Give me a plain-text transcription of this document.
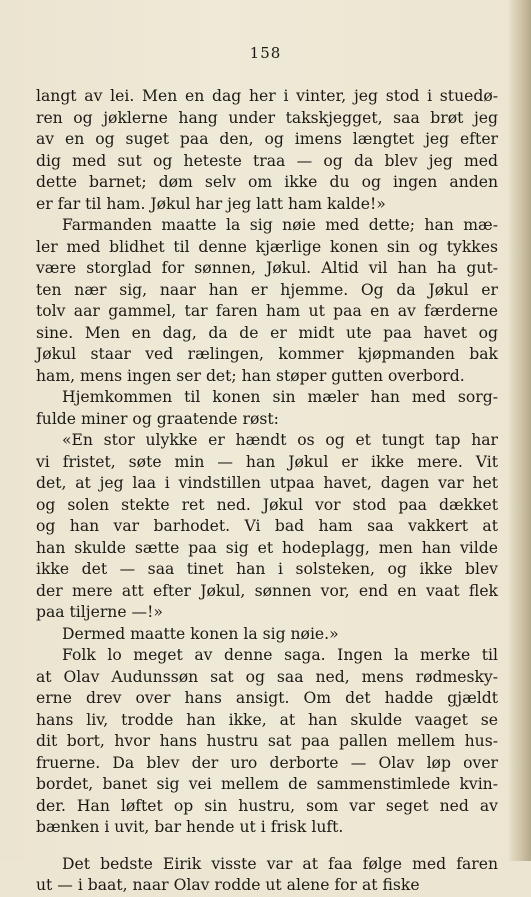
158
langt av lei. Men en dag her i vinter, jeg stod i stuedø-
ren og jøklerne hang under takskjegget, saa brøt jeg
av en og suget paa den, og imens længtet jeg efter
dig med sut og heteste traa — og da blev jeg med
dette barnet; døm selv om ikke du og ingen anden
er far til ham. Jøkul har jeg latt ham kalde!»
Farmanden maatte la sig nøie med dette; han mæ-
ler med blidhet til denne kjærlige konen sin og tykkes
være storglad for sønnen, Jøkul. Altid vil han ha gut-
ten nær sig, naar han er hjemme. Og da Jøkul er
tolv aar gammel, tar faren ham ut paa en av færderne
sine. Men en dag, da de er midt ute paa havet og
Jøkul staar ved rælingen, kommer kjøpmanden bak
ham, mens ingen ser det; han støper gutten overbord.
Hjemkommen til konen sin mæler han med sorg-
fulde miner og graatende røst:
«En stor ulykke er hændt os og et tungt tap har
vi fristet, søte min — han Jøkul er ikke mere. Vit
det, at jeg laa i vindstillen utpaa havet, dagen var het
og solen stekte ret ned. Jøkul vor stod paa dækket
og han var barhodet. Vi bad ham saa vakkert at
han skulde sætte paa sig et hodeplagg, men han vilde
ikke det — saa tinet han i solsteken, og ikke blev
der mere att efter Jøkul, sønnen vor, end en vaat flek
paa tiljerne —!»
Dermed maatte konen la sig nøie.»
Folk lo meget av denne saga. Ingen la merke til
at Olav Audunssøn sat og saa ned, mens rødmesky-
erne drev over hans ansigt. Om det hadde gjældt
hans liv, trodde han ikke, at han skulde vaaget se
dit bort, hvor hans hustru sat paa pallen mellem hus-
fruerne. Da blev der uro derborte — Olav løp over
bordet, banet sig vei mellem de sammenstimlede kvin-
der. Han løftet op sin hustru, som var seget ned av
bænken i uvit, bar hende ut i frisk luft.
Det bedste Eirik visste var at faa følge med faren
ut — i baat, naar Olav rodde ut alene for at fiske
